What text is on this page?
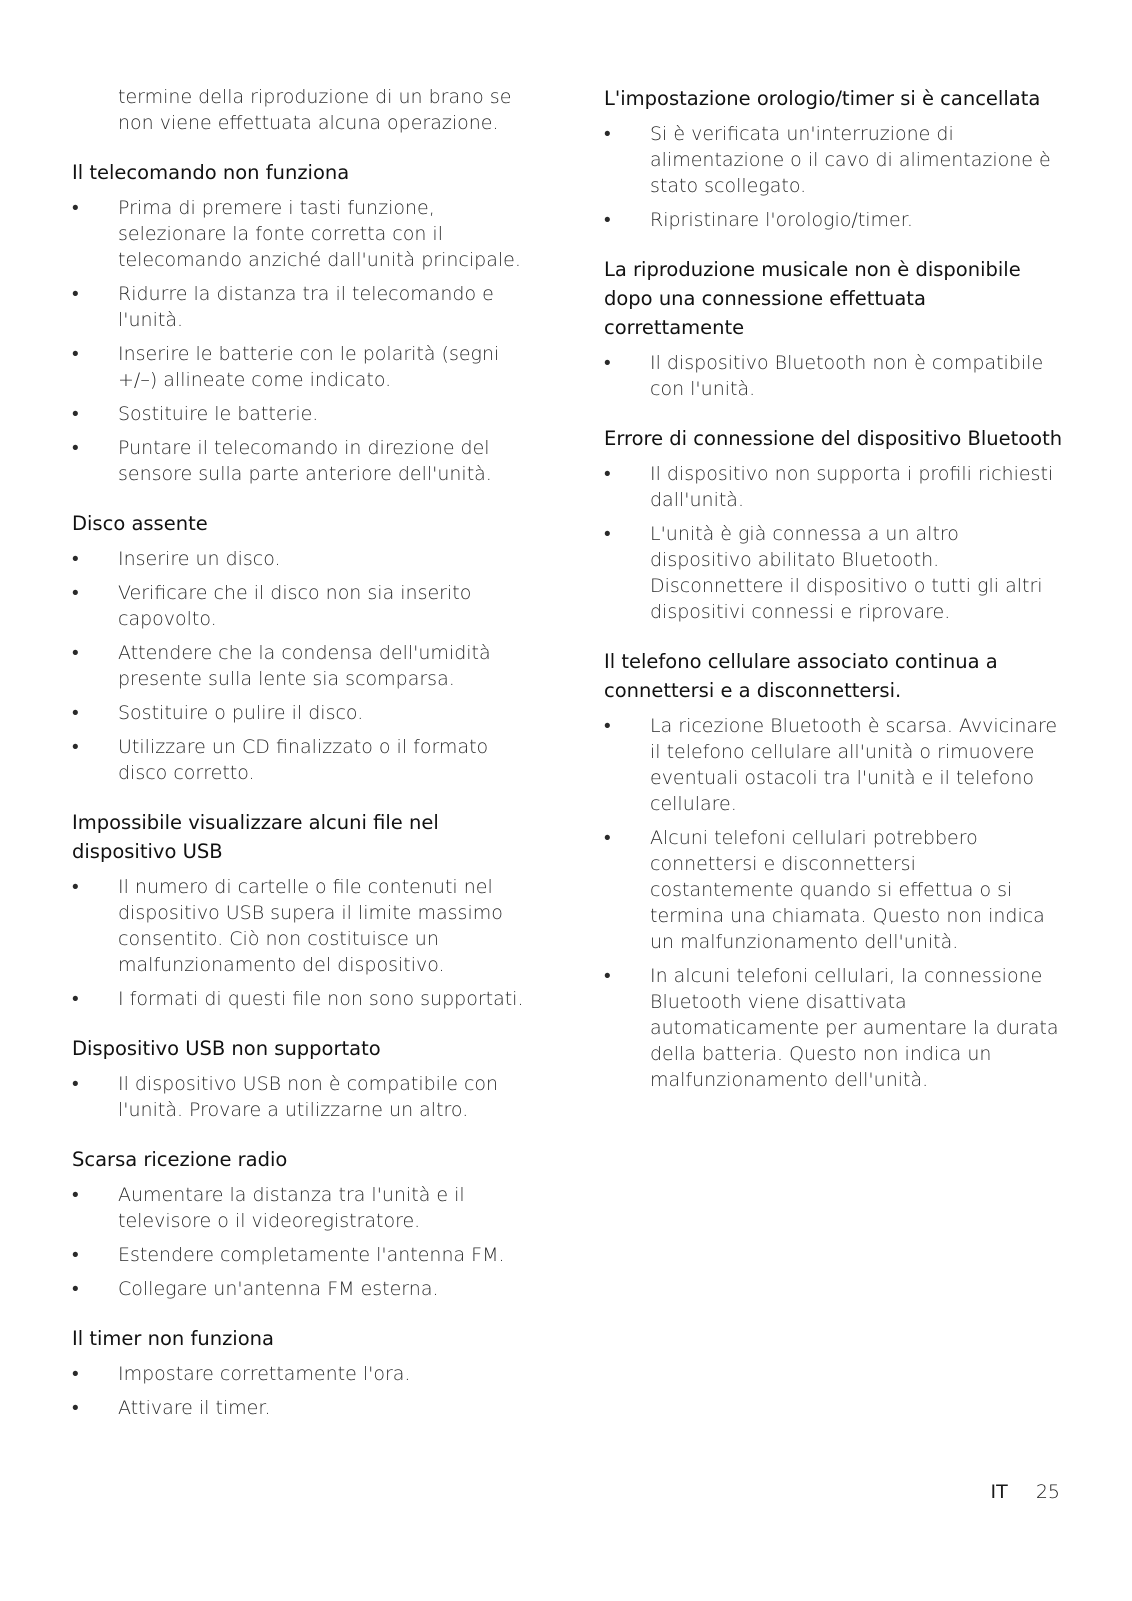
termine della riproduzione di un brano se non viene effettuata alcuna operazione.

Il telecomando non funziona
• Prima di premere i tasti funzione, selezionare la fonte corretta con il telecomando anziché dall'unità principale.
• Ridurre la distanza tra il telecomando e l'unità.
• Inserire le batterie con le polarità (segni +/–) allineate come indicato.
• Sostituire le batterie.
• Puntare il telecomando in direzione del sensore sulla parte anteriore dell'unità.
Disco assente
• Inserire un disco.
• Verificare che il disco non sia inserito capovolto.
• Attendere che la condensa dell'umidità presente sulla lente sia scomparsa.
• Sostituire o pulire il disco.
• Utilizzare un CD finalizzato o il formato disco corretto.
Impossibile visualizzare alcuni file nel dispositivo USB
• Il numero di cartelle o file contenuti nel dispositivo USB supera il limite massimo consentito. Ciò non costituisce un malfunzionamento del dispositivo.
• I formati di questi file non sono supportati.
Dispositivo USB non supportato
• Il dispositivo USB non è compatibile con l'unità. Provare a utilizzarne un altro.
Scarsa ricezione radio
• Aumentare la distanza tra l'unità e il televisore o il videoregistratore.
• Estendere completamente l'antenna FM.
• Collegare un'antenna FM esterna.
Il timer non funziona
• Impostare correttamente l'ora.
• Attivare il timer.
L'impostazione orologio/timer si è cancellata
• Si è verificata un'interruzione di alimentazione o il cavo di alimentazione è stato scollegato.
• Ripristinare l'orologio/timer.
La riproduzione musicale non è disponibile dopo una connessione effettuata correttamente
• Il dispositivo Bluetooth non è compatibile con l'unità.
Errore di connessione del dispositivo Bluetooth
• Il dispositivo non supporta i profili richiesti dall'unità.
• L'unità è già connessa a un altro dispositivo abilitato Bluetooth. Disconnettere il dispositivo o tutti gli altri dispositivi connessi e riprovare.
Il telefono cellulare associato continua a connettersi e a disconnettersi.
• La ricezione Bluetooth è scarsa. Avvicinare il telefono cellulare all'unità o rimuovere eventuali ostacoli tra l'unità e il telefono cellulare.
• Alcuni telefoni cellulari potrebbero connettersi e disconnettersi costantemente quando si effettua o si termina una chiamata. Questo non indica un malfunzionamento dell'unità.
• In alcuni telefoni cellulari, la connessione Bluetooth viene disattivata automaticamente per aumentare la durata della batteria. Questo non indica un malfunzionamento dell'unità.
IT 25
